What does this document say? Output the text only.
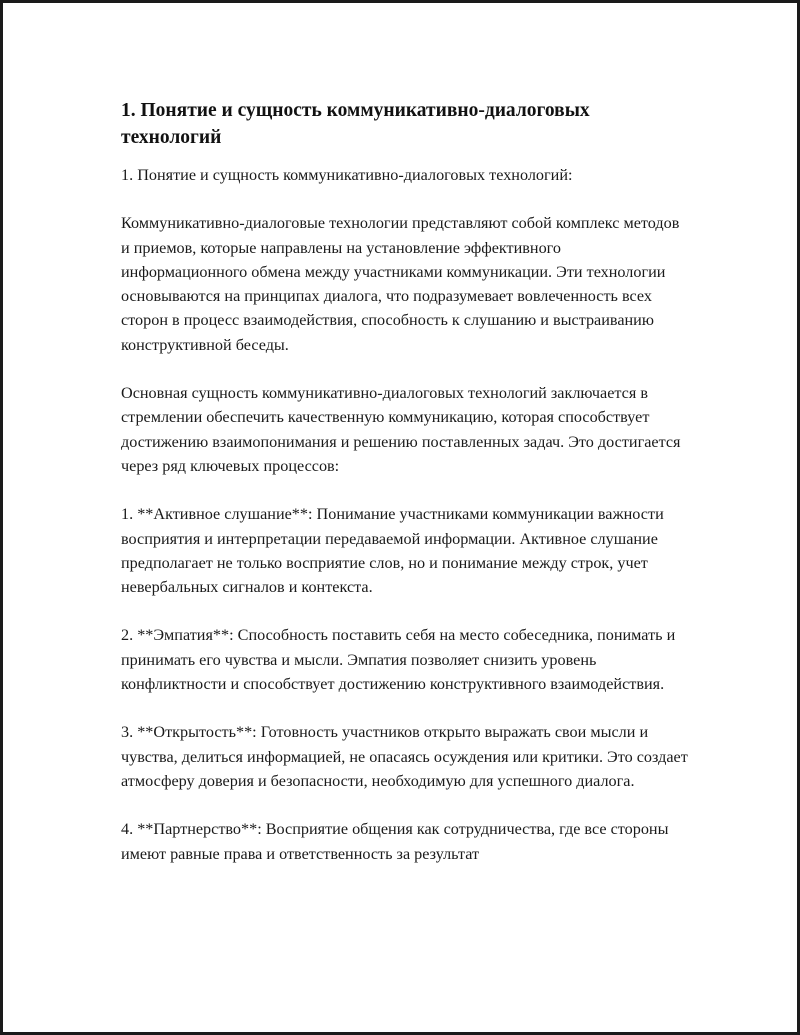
1. Понятие и сущность коммуникативно-диалоговых технологий

1. Понятие и сущность коммуникативно-диалоговых технологий:

Коммуникативно-диалоговые технологии представляют собой комплекс методов и приемов, которые направлены на установление эффективного информационного обмена между участниками коммуникации. Эти технологии основываются на принципах диалога, что подразумевает вовлеченность всех сторон в процесс взаимодействия, способность к слушанию и выстраиванию конструктивной беседы.

Основная сущность коммуникативно-диалоговых технологий заключается в стремлении обеспечить качественную коммуникацию, которая способствует достижению взаимопонимания и решению поставленных задач. Это достигается через ряд ключевых процессов:

1. **Активное слушание**: Понимание участниками коммуникации важности восприятия и интерпретации передаваемой информации. Активное слушание предполагает не только восприятие слов, но и понимание между строк, учет невербальных сигналов и контекста.

2. **Эмпатия**: Способность поставить себя на место собеседника, понимать и принимать его чувства и мысли. Эмпатия позволяет снизить уровень конфликтности и способствует достижению конструктивного взаимодействия.

3. **Открытость**: Готовность участников открыто выражать свои мысли и чувства, делиться информацией, не опасаясь осуждения или критики. Это создает атмосферу доверия и безопасности, необходимую для успешного диалога.

4. **Партнерство**: Восприятие общения как сотрудничества, где все стороны имеют равные права и ответственность за результат
